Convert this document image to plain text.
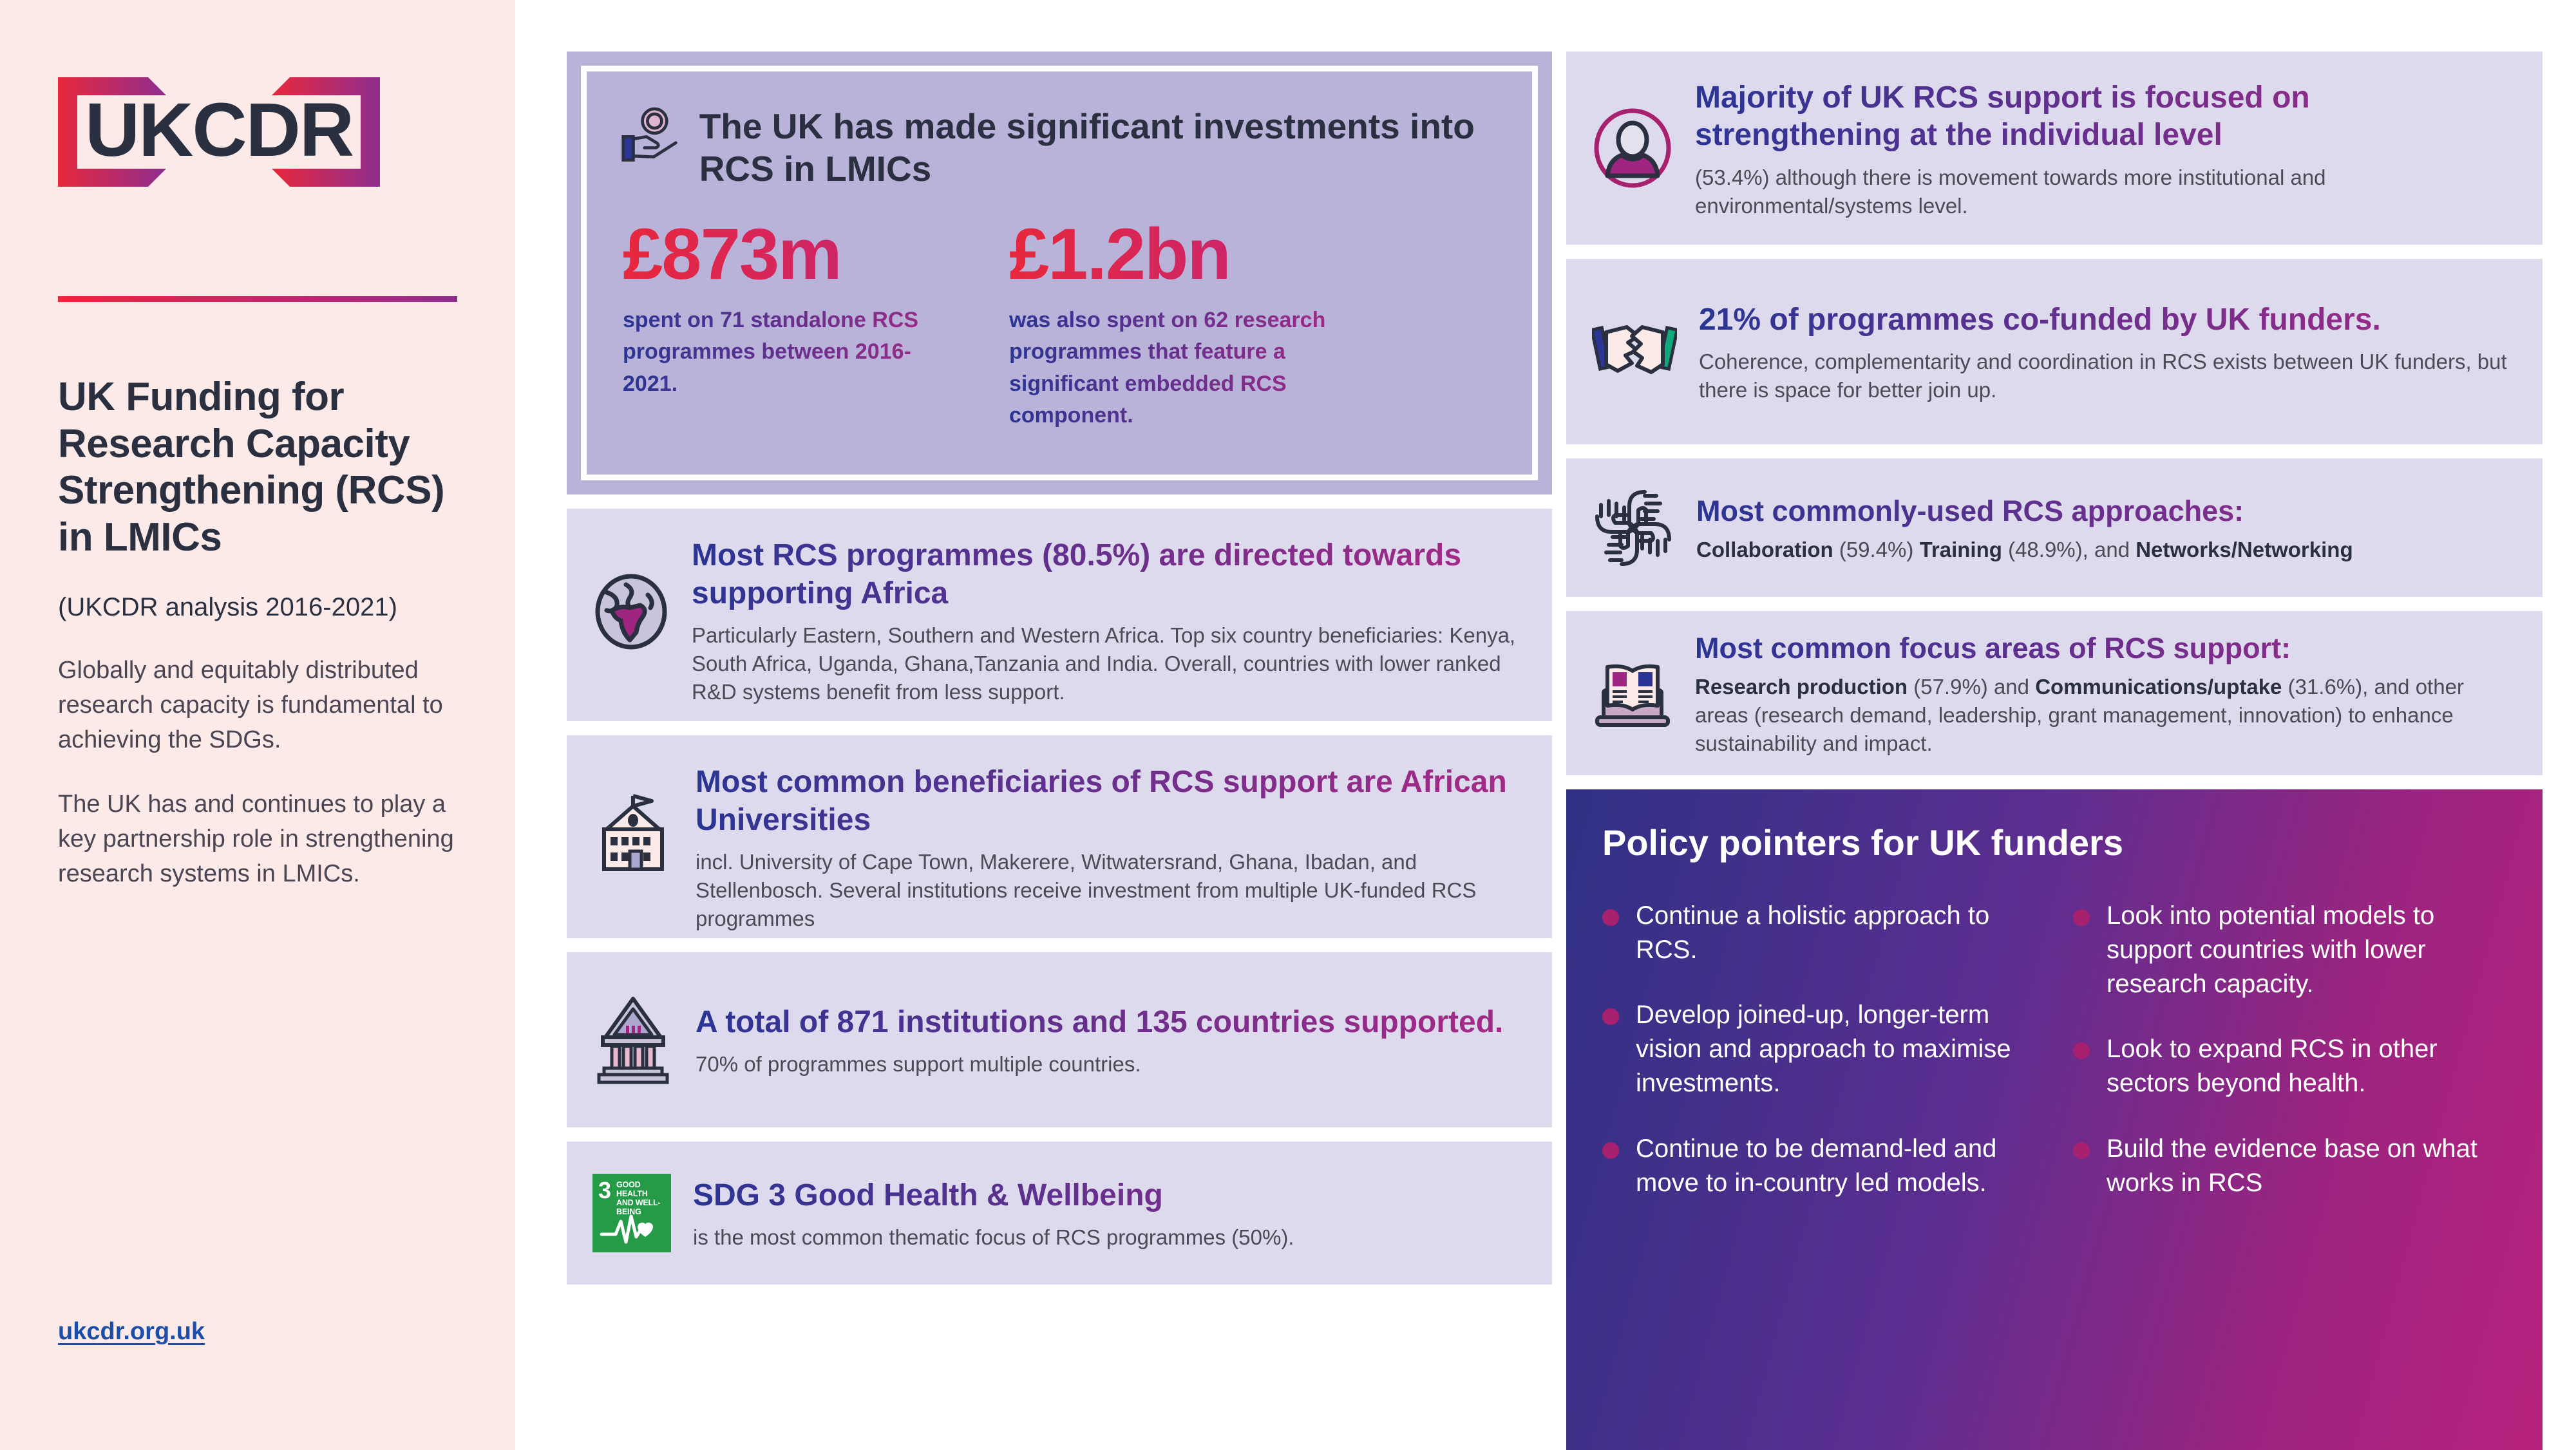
UKCDR
UK Funding for Research Capacity Strengthening (RCS) in LMICs
(UKCDR analysis 2016-2021)

Globally and equitably distributed research capacity is fundamental to achieving the SDGs.

The UK has and continues to play a key partnership role in strengthening research systems in LMICs.

ukcdr.org.uk
The UK has made significant investments into RCS in LMICs
£873m
spent on 71 standalone RCS programmes between 2016-2021.
£1.2bn
was also spent on 62 research programmes that feature a significant embedded RCS component.
Most RCS programmes (80.5%) are directed towards supporting Africa

Particularly Eastern, Southern and Western Africa. Top six country beneficiaries: Kenya, South Africa, Uganda, Ghana,Tanzania and India. Overall, countries with lower ranked R&D systems benefit from less support.

Most common beneficiaries of RCS support are African Universities

incl. University of Cape Town, Makerere, Witwatersrand, Ghana, Ibadan, and Stellenbosch. Several institutions receive investment from multiple UK-funded RCS programmes

A total of 871 institutions and 135 countries supported.

70% of programmes support multiple countries.

3 GOOD HEALTH
AND WELL-BEING	SDG 3 Good Health & Wellbeing

is the most common thematic focus of RCS programmes (50%).

Majority of UK RCS support is focused on strengthening at the individual level

(53.4%) although there is movement towards more institutional and environmental/systems level.

21% of programmes co-funded by UK funders.

Coherence, complementarity and coordination in RCS exists between UK funders, but there is space for better join up.

Most commonly-used RCS approaches:

Collaboration (59.4%) Training (48.9%), and Networks/Networking

Most common focus areas of RCS support:

Research production (57.9%) and Communications/uptake (31.6%), and other areas (research demand, leadership, grant management, innovation) to enhance sustainability and impact.

Policy pointers for UK funders
Continue a holistic approach to RCS.
Develop joined-up, longer-term vision and approach to maximise investments.
Continue to be demand-led and move to in-country led models.
Look into potential models to support countries with lower research capacity.
Look to expand RCS in other sectors beyond health.
Build the evidence base on what works in RCS
